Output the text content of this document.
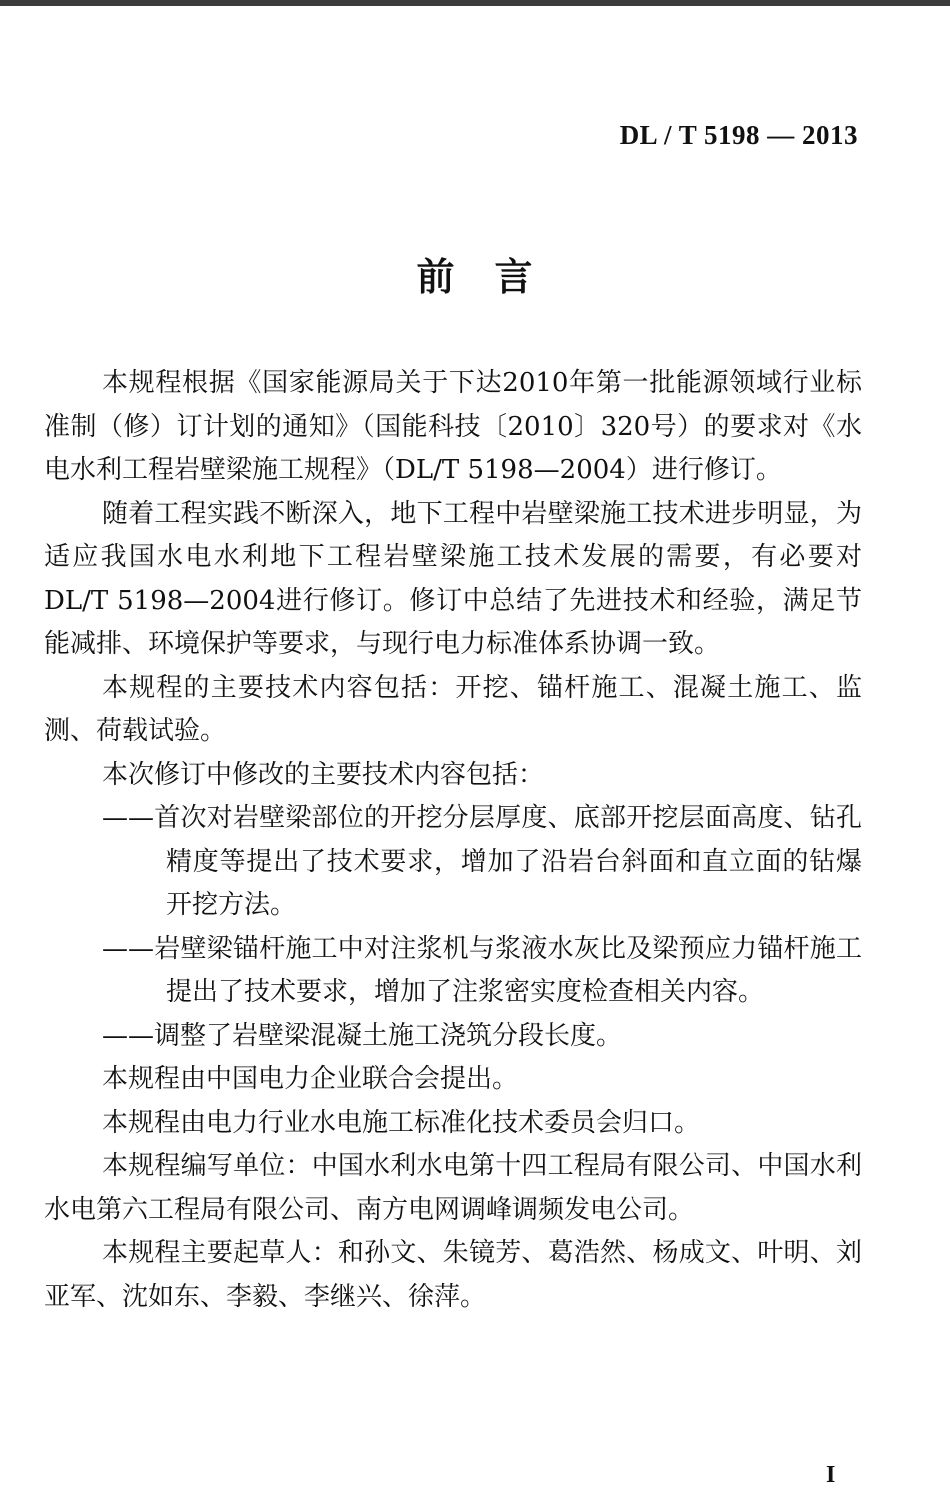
DL / T 5198 — 2013
前　言

本规程根据《国家能源局关于下达2010年第一批能源领域行业标准制（修）订计划的通知》（国能科技〔2010〕320号）的要求对《水电水利工程岩壁梁施工规程》（DL/T 5198—2004）进行修订。

随着工程实践不断深入，地下工程中岩壁梁施工技术进步明显，为适应我国水电水利地下工程岩壁梁施工技术发展的需要，有必要对DL/T 5198—2004进行修订。修订中总结了先进技术和经验，满足节能减排、环境保护等要求，与现行电力标准体系协调一致。

本规程的主要技术内容包括：开挖、锚杆施工、混凝土施工、监测、荷载试验。

本次修订中修改的主要技术内容包括：

——首次对岩壁梁部位的开挖分层厚度、底部开挖层面高度、钻孔精度等提出了技术要求，增加了沿岩台斜面和直立面的钻爆开挖方法。

——岩壁梁锚杆施工中对注浆机与浆液水灰比及梁预应力锚杆施工提出了技术要求，增加了注浆密实度检查相关内容。

——调整了岩壁梁混凝土施工浇筑分段长度。

本规程由中国电力企业联合会提出。

本规程由电力行业水电施工标准化技术委员会归口。

本规程编写单位：中国水利水电第十四工程局有限公司、中国水利水电第六工程局有限公司、南方电网调峰调频发电公司。

本规程主要起草人：和孙文、朱镜芳、葛浩然、杨成文、叶明、刘亚军、沈如东、李毅、李继兴、徐萍。

I
